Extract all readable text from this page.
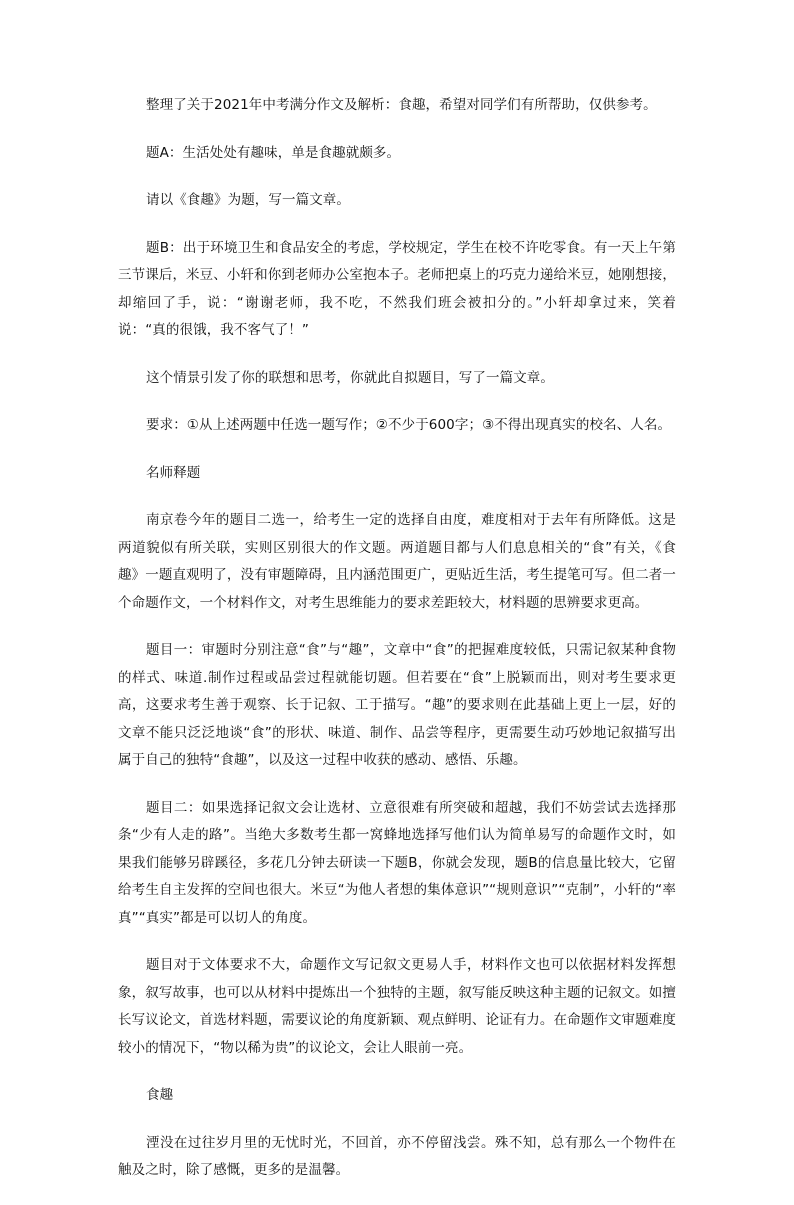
整理了关于2021年中考满分作文及解析：食趣，希望对同学们有所帮助，仅供参考。

题A：生活处处有趣味，单是食趣就颇多。

请以《食趣》为题，写一篇文章。

题B：出于环境卫生和食品安全的考虑，学校规定，学生在校不许吃零食。有一天上午第三节课后，米豆、小轩和你到老师办公室抱本子。老师把桌上的巧克力递给米豆，她刚想接，却缩回了手，说：“谢谢老师，我不吃，不然我们班会被扣分的。”小轩却拿过来，笑着说：“真的很饿，我不客气了！”

这个情景引发了你的联想和思考，你就此自拟题目，写了一篇文章。

要求：①从上述两题中任选一题写作；②不少于600字；③不得出现真实的校名、人名。

名师释题

南京卷今年的题目二选一，给考生一定的选择自由度，难度相对于去年有所降低。这是两道貌似有所关联，实则区别很大的作文题。两道题目都与人们息息相关的“食”有关，《食趣》一题直观明了，没有审题障碍，且内涵范围更广，更贴近生活，考生提笔可写。但二者一个命题作文，一个材料作文，对考生思维能力的要求差距较大，材料题的思辨要求更高。

题目一：审题时分别注意“食”与“趣”，文章中“食”的把握难度较低，只需记叙某种食物的样式、味道.制作过程或品尝过程就能切题。但若要在“食”上脱颖而出，则对考生要求更高，这要求考生善于观察、长于记叙、工于描写。“趣”的要求则在此基础上更上一层，好的文章不能只泛泛地谈“食”的形状、味道、制作、品尝等程序，更需要生动巧妙地记叙描写出属于自己的独特“食趣”，以及这一过程中收获的感动、感悟、乐趣。

题目二：如果选择记叙文会让选材、立意很难有所突破和超越，我们不妨尝试去选择那条“少有人走的路”。当绝大多数考生都一窝蜂地选择写他们认为简单易写的命题作文时，如果我们能够另辟蹊径，多花几分钟去研读一下题B，你就会发现，题B的信息量比较大，它留给考生自主发挥的空间也很大。米豆“为他人者想的集体意识”“规则意识”“克制”，小轩的“率真”“真实”都是可以切人的角度。

题目对于文体要求不大，命题作文写记叙文更易人手，材料作文也可以依据材料发挥想象，叙写故事，也可以从材料中提炼出一个独特的主题，叙写能反映这种主题的记叙文。如擅长写议论文，首选材料题，需要议论的角度新颖、观点鲜明、论证有力。在命题作文审题难度较小的情况下，“物以稀为贵”的议论文，会让人眼前一亮。

食趣

湮没在过往岁月里的无忧时光，不回首，亦不停留浅尝。殊不知，总有那么一个物件在触及之时，除了感慨，更多的是温馨。
